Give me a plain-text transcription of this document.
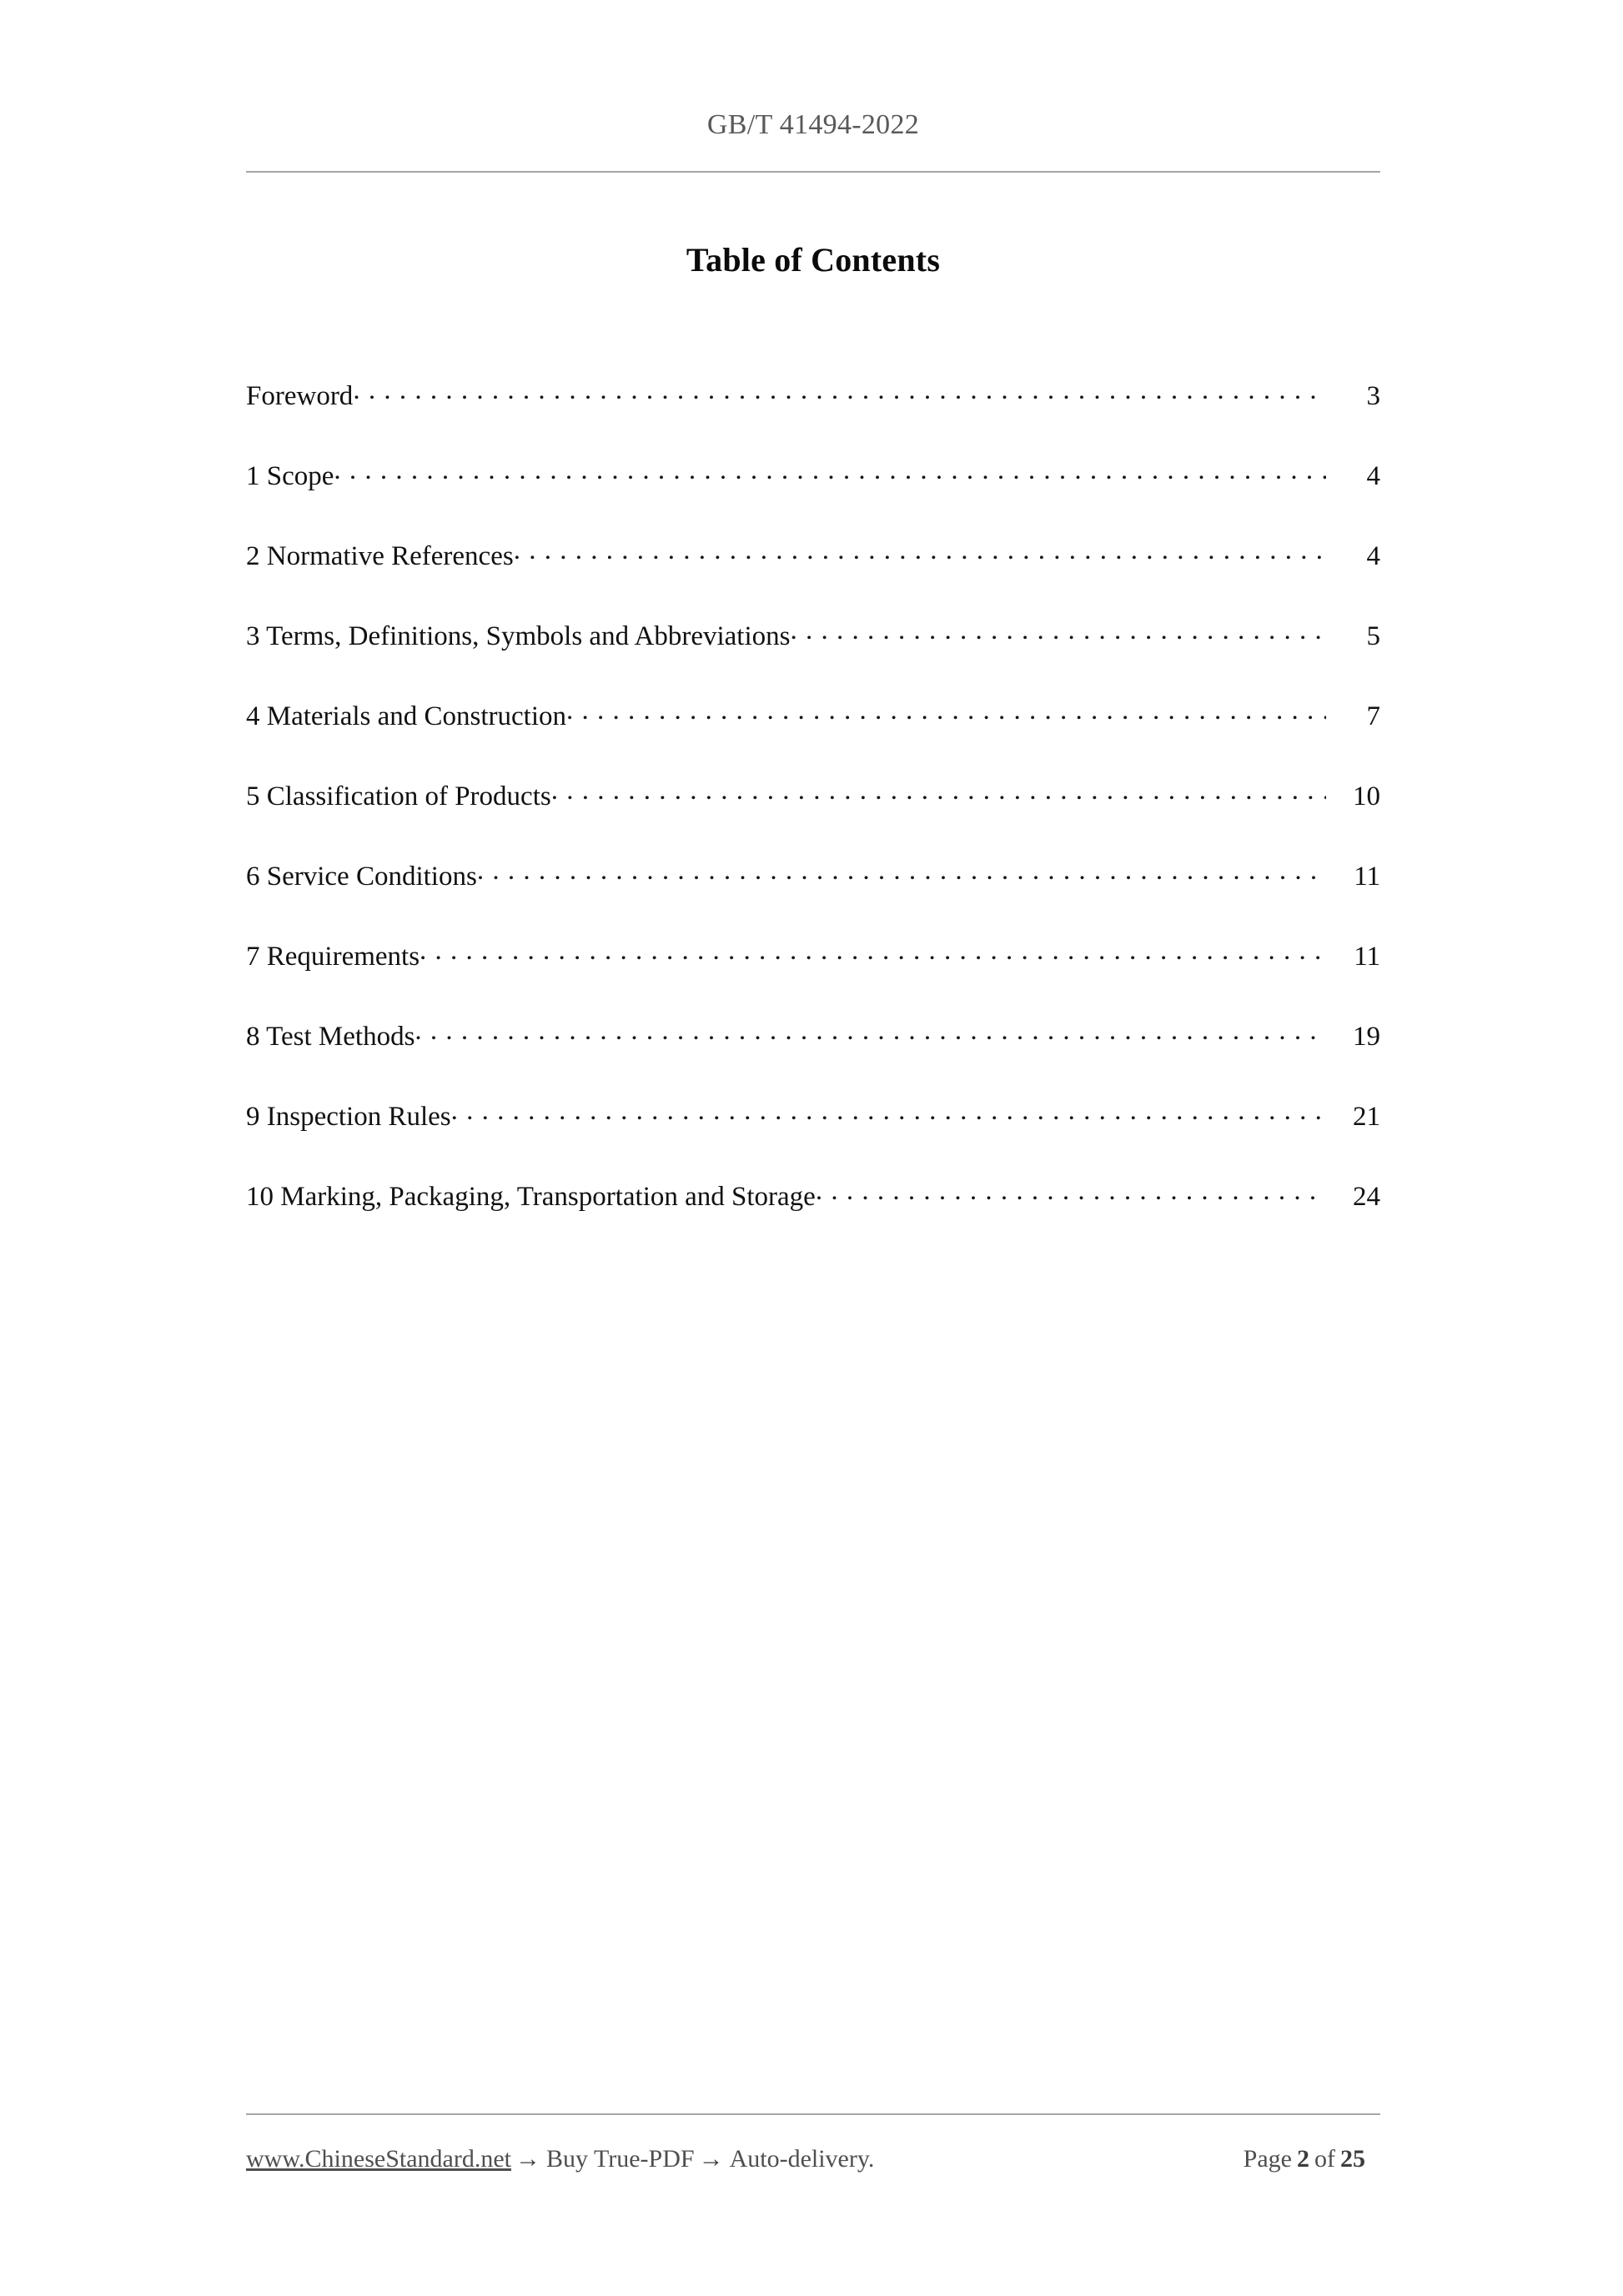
GB/T 41494-2022
Table of Contents
Foreword . . .	3
1 Scope . . .	4
2 Normative References . . .	4
3 Terms, Definitions, Symbols and Abbreviations . . .	5
4 Materials and Construction . . .	7
5 Classification of Products . . .	10
6 Service Conditions . . .	11
7 Requirements . . .	11
8 Test Methods . . .	19
9 Inspection Rules . . .	21
10 Marking, Packaging, Transportation and Storage . . .	24
www.ChineseStandard.net → Buy True-PDF → Auto-delivery.	Page 2 of 25
